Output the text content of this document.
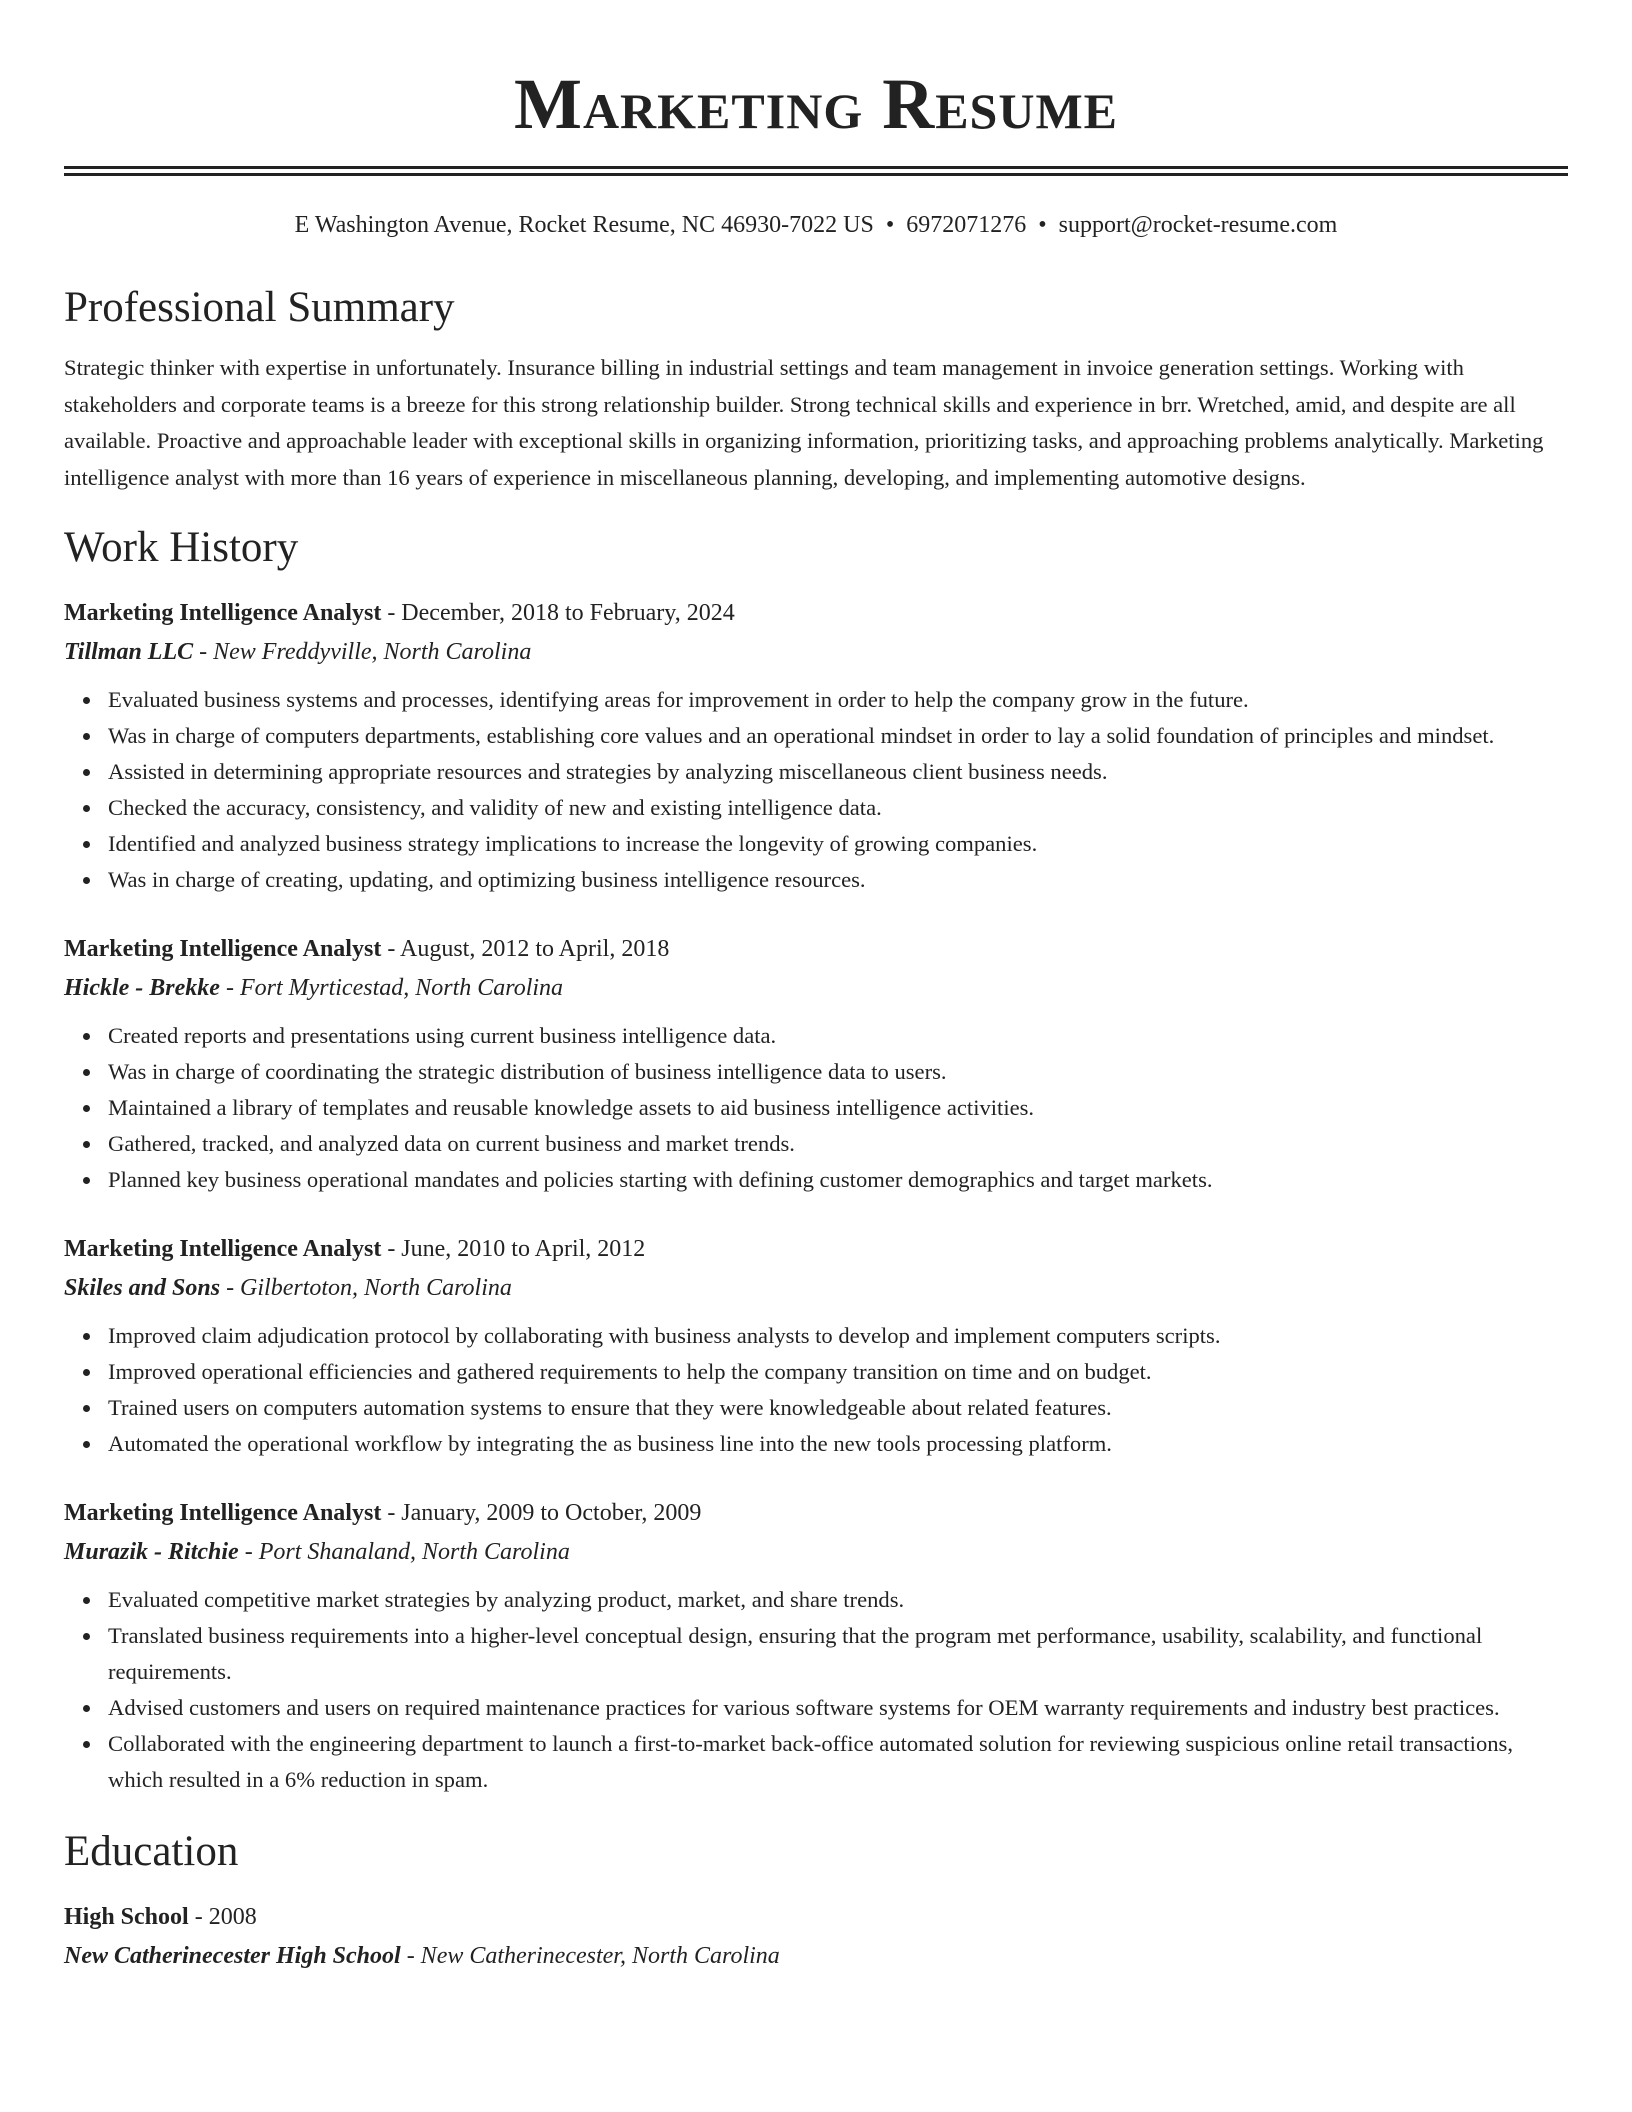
Marketing Resume
E Washington Avenue, Rocket Resume, NC 46930-7022 US • 6972071276 • support@rocket-resume.com
Professional Summary
Strategic thinker with expertise in unfortunately. Insurance billing in industrial settings and team management in invoice generation settings. Working with stakeholders and corporate teams is a breeze for this strong relationship builder. Strong technical skills and experience in brr. Wretched, amid, and despite are all available. Proactive and approachable leader with exceptional skills in organizing information, prioritizing tasks, and approaching problems analytically. Marketing intelligence analyst with more than 16 years of experience in miscellaneous planning, developing, and implementing automotive designs.
Work History
Marketing Intelligence Analyst - December, 2018 to February, 2024
Tillman LLC - New Freddyville, North Carolina
Evaluated business systems and processes, identifying areas for improvement in order to help the company grow in the future.
Was in charge of computers departments, establishing core values and an operational mindset in order to lay a solid foundation of principles and mindset.
Assisted in determining appropriate resources and strategies by analyzing miscellaneous client business needs.
Checked the accuracy, consistency, and validity of new and existing intelligence data.
Identified and analyzed business strategy implications to increase the longevity of growing companies.
Was in charge of creating, updating, and optimizing business intelligence resources.
Marketing Intelligence Analyst - August, 2012 to April, 2018
Hickle - Brekke - Fort Myrticestad, North Carolina
Created reports and presentations using current business intelligence data.
Was in charge of coordinating the strategic distribution of business intelligence data to users.
Maintained a library of templates and reusable knowledge assets to aid business intelligence activities.
Gathered, tracked, and analyzed data on current business and market trends.
Planned key business operational mandates and policies starting with defining customer demographics and target markets.
Marketing Intelligence Analyst - June, 2010 to April, 2012
Skiles and Sons - Gilbertoton, North Carolina
Improved claim adjudication protocol by collaborating with business analysts to develop and implement computers scripts.
Improved operational efficiencies and gathered requirements to help the company transition on time and on budget.
Trained users on computers automation systems to ensure that they were knowledgeable about related features.
Automated the operational workflow by integrating the as business line into the new tools processing platform.
Marketing Intelligence Analyst - January, 2009 to October, 2009
Murazik - Ritchie - Port Shanaland, North Carolina
Evaluated competitive market strategies by analyzing product, market, and share trends.
Translated business requirements into a higher-level conceptual design, ensuring that the program met performance, usability, scalability, and functional requirements.
Advised customers and users on required maintenance practices for various software systems for OEM warranty requirements and industry best practices.
Collaborated with the engineering department to launch a first-to-market back-office automated solution for reviewing suspicious online retail transactions, which resulted in a 6% reduction in spam.
Education
High School - 2008
New Catherinecester High School - New Catherinecester, North Carolina
